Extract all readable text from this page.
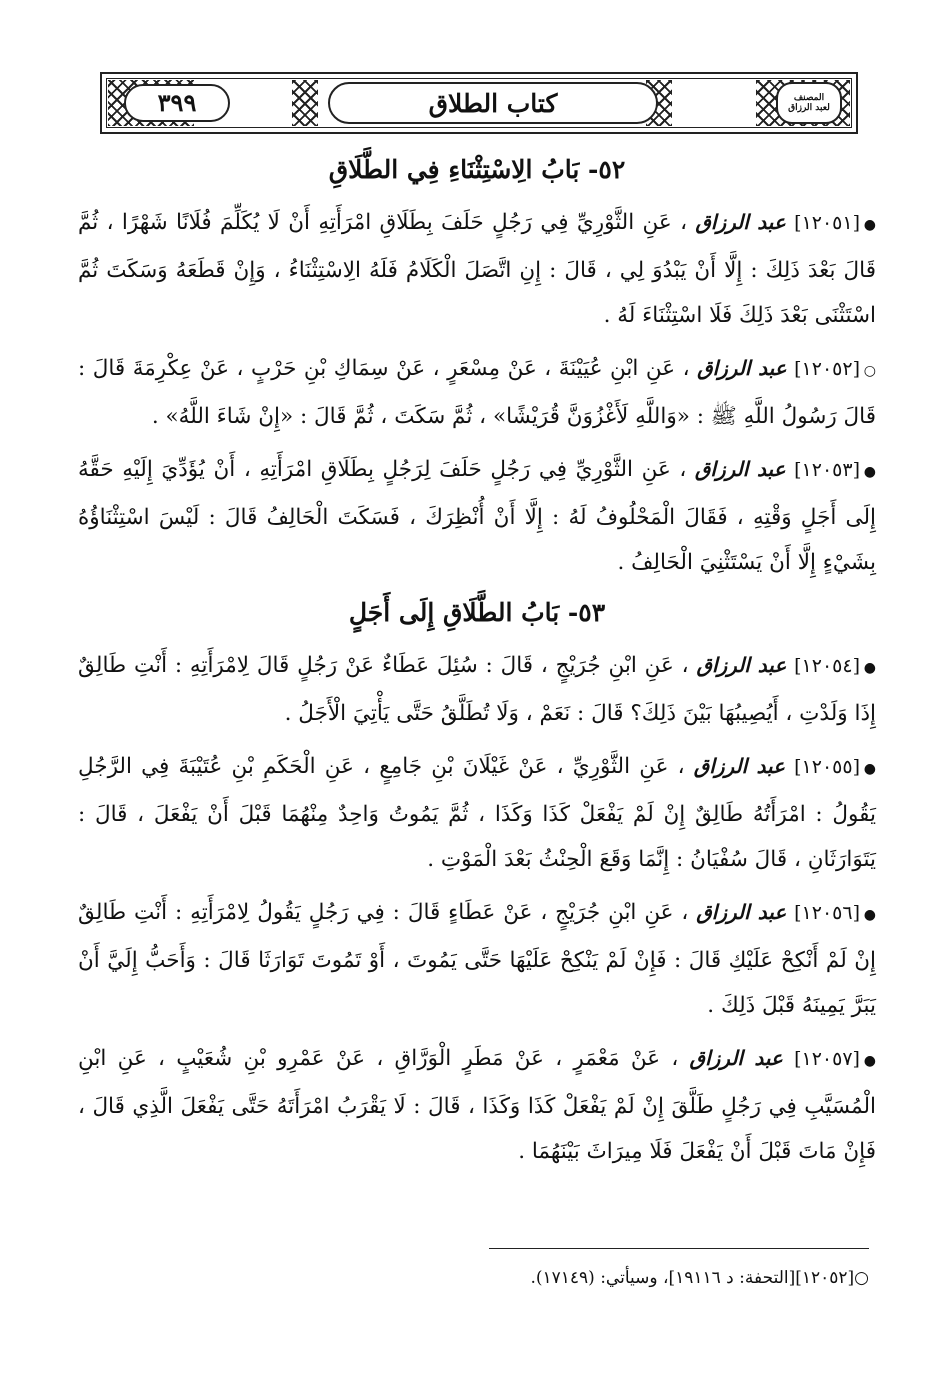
٣٩٩	كتاب الطلاق	المصنف
لعبد الرزاق
٥٢- بَابُ الِاسْتِثْنَاءِ فِي الطَّلَاقِ

●[١٢٠٥١] عبد الرزاق ، عَنِ الثَّوْرِيِّ فِي رَجُلٍ حَلَفَ بِطَلَاقِ امْرَأَتِهِ أَنْ لَا يُكَلِّمَ فُلَانًا شَهْرًا ، ثُمَّ قَالَ بَعْدَ ذَلِكَ : إِلَّا أَنْ يَبْدُوَ لِي ، قَالَ : إِنِ اتَّصَلَ الْكَلَامُ فَلَهُ الِاسْتِثْنَاءُ ، وَإِنْ قَطَعَهُ وَسَكَتَ ثُمَّ اسْتَثْنَى بَعْدَ ذَلِكَ فَلَا اسْتِثْنَاءَ لَهُ .

○[١٢٠٥٢] عبد الرزاق ، عَنِ ابْنِ عُيَيْنَةَ ، عَنْ مِسْعَرٍ ، عَنْ سِمَاكِ بْنِ حَرْبٍ ، عَنْ عِكْرِمَةَ قَالَ : قَالَ رَسُولُ اللَّهِ ﷺ : «وَاللَّهِ لَأَغْزُوَنَّ قُرَيْشًا» ، ثُمَّ سَكَتَ ، ثُمَّ قَالَ : «إِنْ شَاءَ اللَّهُ» .

●[١٢٠٥٣] عبد الرزاق ، عَنِ الثَّوْرِيِّ فِي رَجُلٍ حَلَفَ لِرَجُلٍ بِطَلَاقِ امْرَأَتِهِ ، أَنْ يُؤَدِّيَ إِلَيْهِ حَقَّهُ إِلَى أَجَلٍ وَقْتِهِ ، فَقَالَ الْمَحْلُوفُ لَهُ : إِلَّا أَنْ أُنْظِرَكَ ، فَسَكَتَ الْحَالِفُ قَالَ : لَيْسَ اسْتِثْنَاؤُهُ بِشَيْءٍ إِلَّا أَنْ يَسْتَثْنِيَ الْحَالِفُ .

٥٣- بَابُ الطَّلَاقِ إِلَى أَجَلٍ

●[١٢٠٥٤] عبد الرزاق ، عَنِ ابْنِ جُرَيْجٍ ، قَالَ : سُئِلَ عَطَاءٌ عَنْ رَجُلٍ قَالَ لِامْرَأَتِهِ : أَنْتِ طَالِقٌ إِذَا وَلَدْتِ ، أَيُصِيبُهَا بَيْنَ ذَلِكَ؟ قَالَ : نَعَمْ ، وَلَا تُطَلَّقُ حَتَّى يَأْتِيَ الْأَجَلُ .

●[١٢٠٥٥] عبد الرزاق ، عَنِ الثَّوْرِيِّ ، عَنْ غَيْلَانَ بْنِ جَامِعٍ ، عَنِ الْحَكَمِ بْنِ عُتَيْبَةَ فِي الرَّجُلِ يَقُولُ : امْرَأَتُهُ طَالِقٌ إِنْ لَمْ يَفْعَلْ كَذَا وَكَذَا ، ثُمَّ يَمُوتُ وَاحِدٌ مِنْهُمَا قَبْلَ أَنْ يَفْعَلَ ، قَالَ : يَتَوَارَثَانِ ، قَالَ سُفْيَانُ : إِنَّمَا وَقَعَ الْحِنْثُ بَعْدَ الْمَوْتِ .

●[١٢٠٥٦] عبد الرزاق ، عَنِ ابْنِ جُرَيْجٍ ، عَنْ عَطَاءٍ قَالَ : فِي رَجُلٍ يَقُولُ لِامْرَأَتِهِ : أَنْتِ طَالِقٌ إِنْ لَمْ أَنْكِحْ عَلَيْكِ قَالَ : فَإِنْ لَمْ يَنْكِحْ عَلَيْهَا حَتَّى يَمُوتَ ، أَوْ تَمُوتَ تَوَارَثَا قَالَ : وَأَحَبُّ إِلَيَّ أَنْ يَبَرَّ يَمِينَهُ قَبْلَ ذَلِكَ .

●[١٢٠٥٧] عبد الرزاق ، عَنْ مَعْمَرٍ ، عَنْ مَطَرٍ الْوَرَّاقِ ، عَنْ عَمْرِو بْنِ شُعَيْبٍ ، عَنِ ابْنِ الْمُسَيَّبِ فِي رَجُلٍ طَلَّقَ إِنْ لَمْ يَفْعَلْ كَذَا وَكَذَا ، قَالَ : لَا يَقْرَبُ امْرَأَتَهُ حَتَّى يَفْعَلَ الَّذِي قَالَ ، فَإِنْ مَاتَ قَبْلَ أَنْ يَفْعَلَ فَلَا مِيرَاثَ بَيْنَهُمَا .

○[١٢٠٥٢][التحفة: د ١٩١١٦]، وسيأتي: (١٧١٤٩).
